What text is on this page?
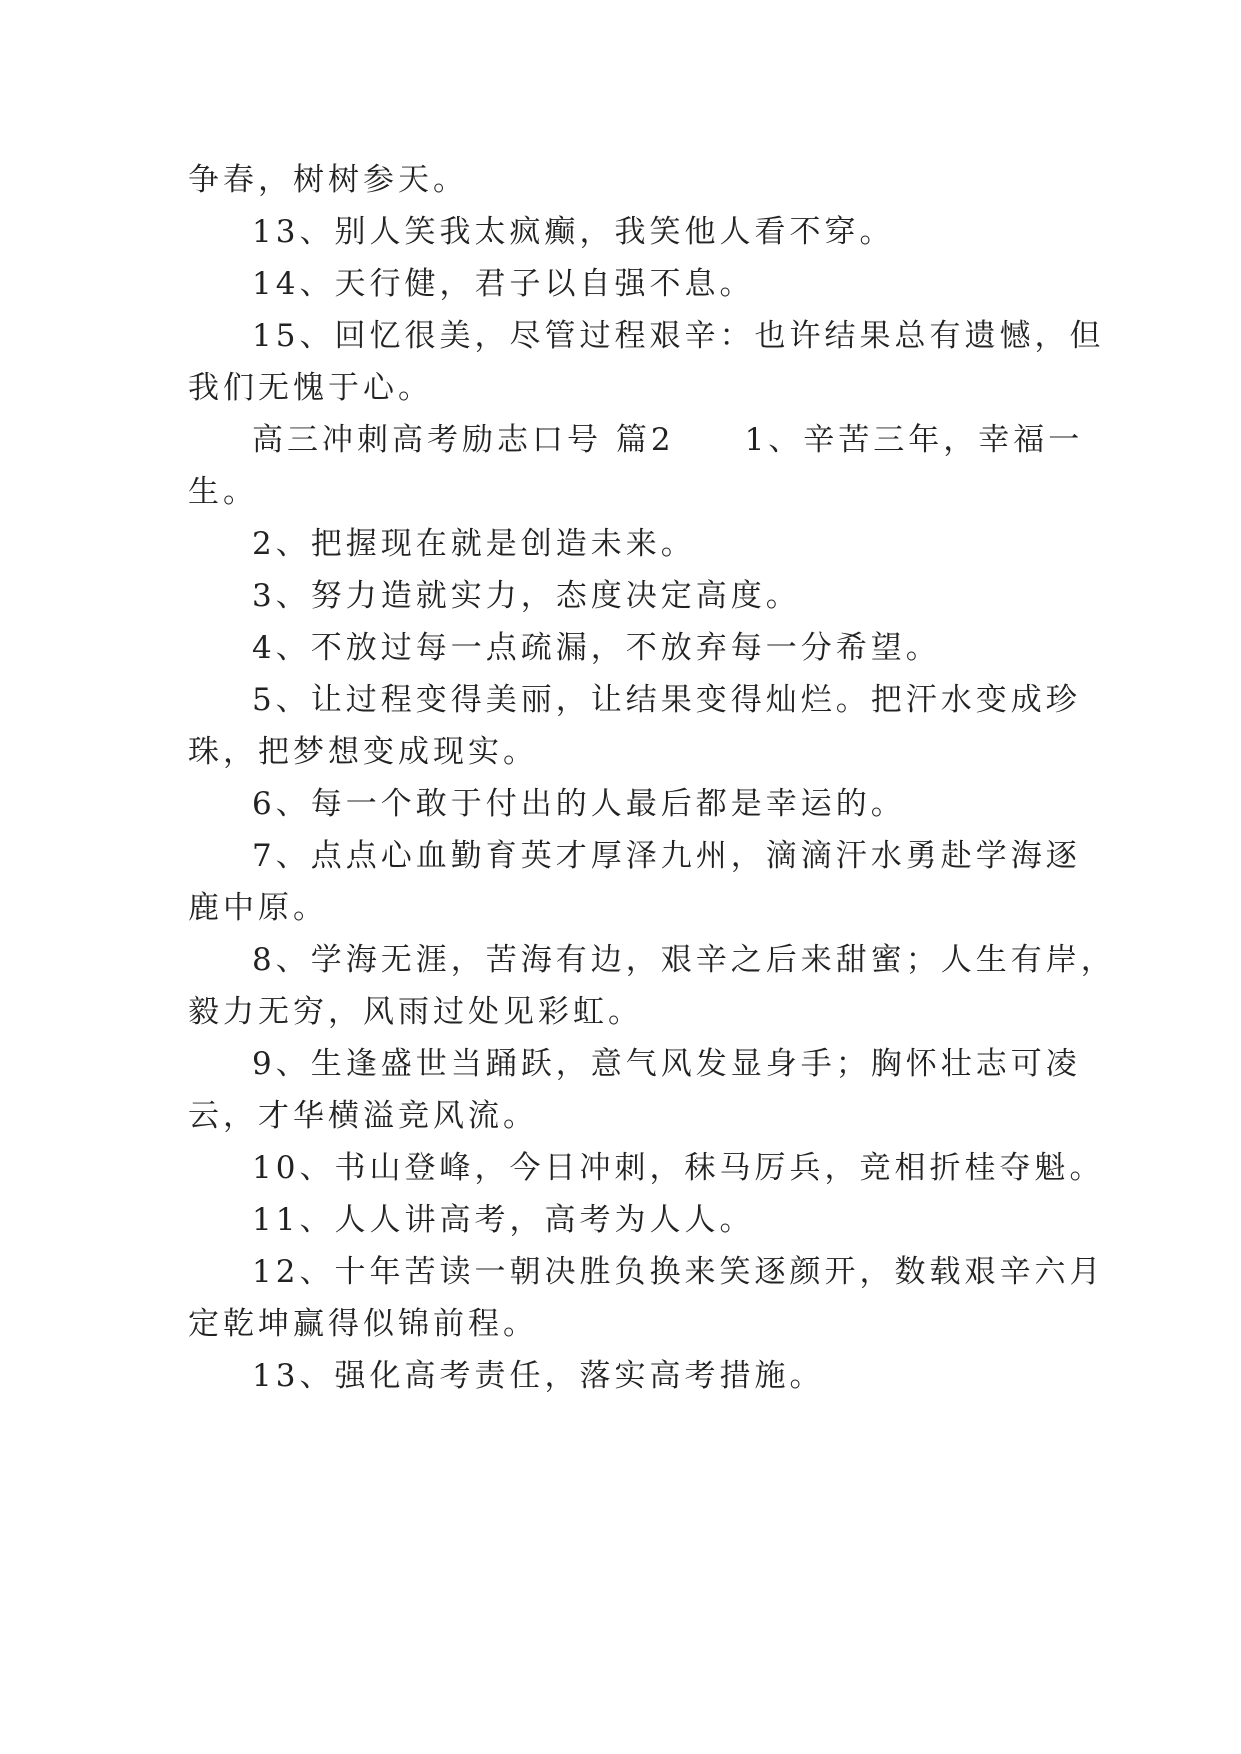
争春，树树参天。
13、别人笑我太疯癫，我笑他人看不穿。
14、天行健，君子以自强不息。
15、回忆很美，尽管过程艰辛：也许结果总有遗憾，但
我们无愧于心。
高三冲刺高考励志口号 篇2　　1、辛苦三年，幸福一
生。
2、把握现在就是创造未来。
3、努力造就实力，态度决定高度。
4、不放过每一点疏漏，不放弃每一分希望。
5、让过程变得美丽，让结果变得灿烂。把汗水变成珍
珠，把梦想变成现实。
6、每一个敢于付出的人最后都是幸运的。
7、点点心血勤育英才厚泽九州，滴滴汗水勇赴学海逐
鹿中原。
8、学海无涯，苦海有边，艰辛之后来甜蜜；人生有岸，
毅力无穷，风雨过处见彩虹。
9、生逢盛世当踊跃，意气风发显身手；胸怀壮志可凌
云，才华横溢竞风流。
10、书山登峰，今日冲刺，秣马厉兵，竞相折桂夺魁。
11、人人讲高考，高考为人人。
12、十年苦读一朝决胜负换来笑逐颜开，数载艰辛六月
定乾坤赢得似锦前程。
13、强化高考责任，落实高考措施。
